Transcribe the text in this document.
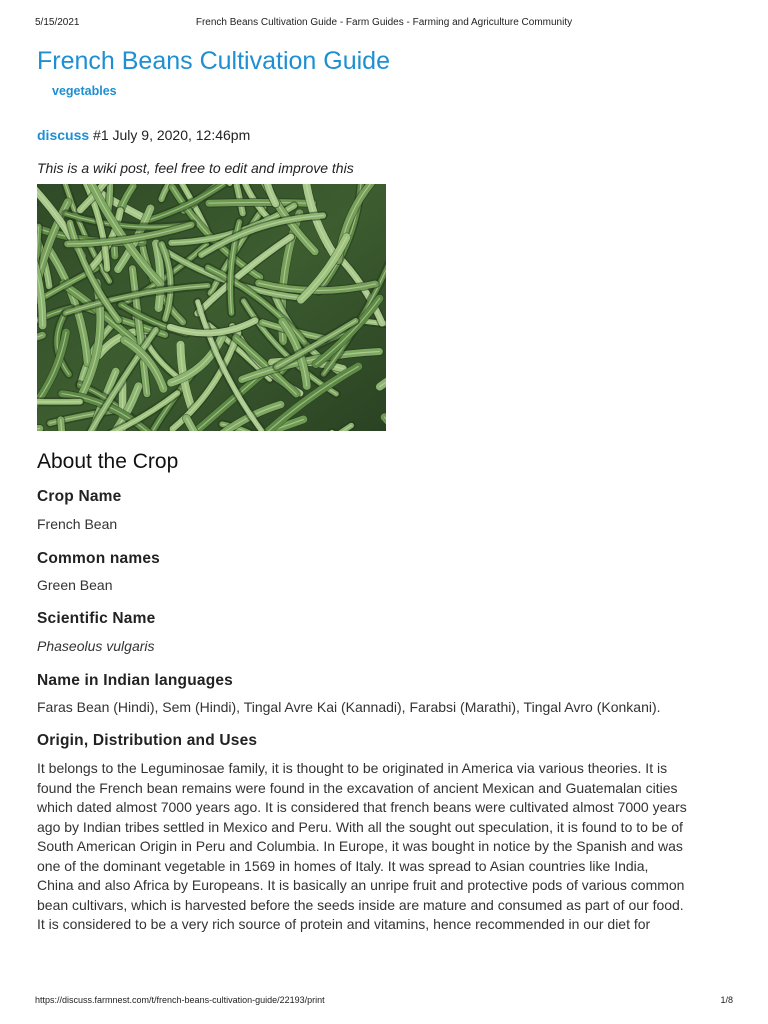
5/15/2021	French Beans Cultivation Guide - Farm Guides - Farming and Agriculture Community
French Beans Cultivation Guide
vegetables
discuss #1 July 9, 2020, 12:46pm
This is a wiki post, feel free to edit and improve this
About the Crop
Crop Name

French Bean

Common names

Green Bean

Scientific Name

Phaseolus vulgaris

Name in Indian languages

Faras Bean (Hindi), Sem (Hindi), Tingal Avre Kai (Kannadi), Farabsi (Marathi), Tingal Avro (Konkani).

Origin, Distribution and Uses

It belongs to the Leguminosae family, it is thought to be originated in America via various theories. It is found the French bean remains were found in the excavation of ancient Mexican and Guatemalan cities which dated almost 7000 years ago. It is considered that french beans were cultivated almost 7000 years ago by Indian tribes settled in Mexico and Peru. With all the sought out speculation, it is found to to be of South American Origin in Peru and Columbia. In Europe, it was bought in notice by the Spanish and was one of the dominant vegetable in 1569 in homes of Italy. It was spread to Asian countries like India, China and also Africa by Europeans. It is basically an unripe fruit and protective pods of various common bean cultivars, which is harvested before the seeds inside are mature and consumed as part of our food.

It is considered to be a very rich source of protein and vitamins, hence recommended in our diet for

https://discuss.farmnest.com/t/french-beans-cultivation-guide/22193/print	1/8
